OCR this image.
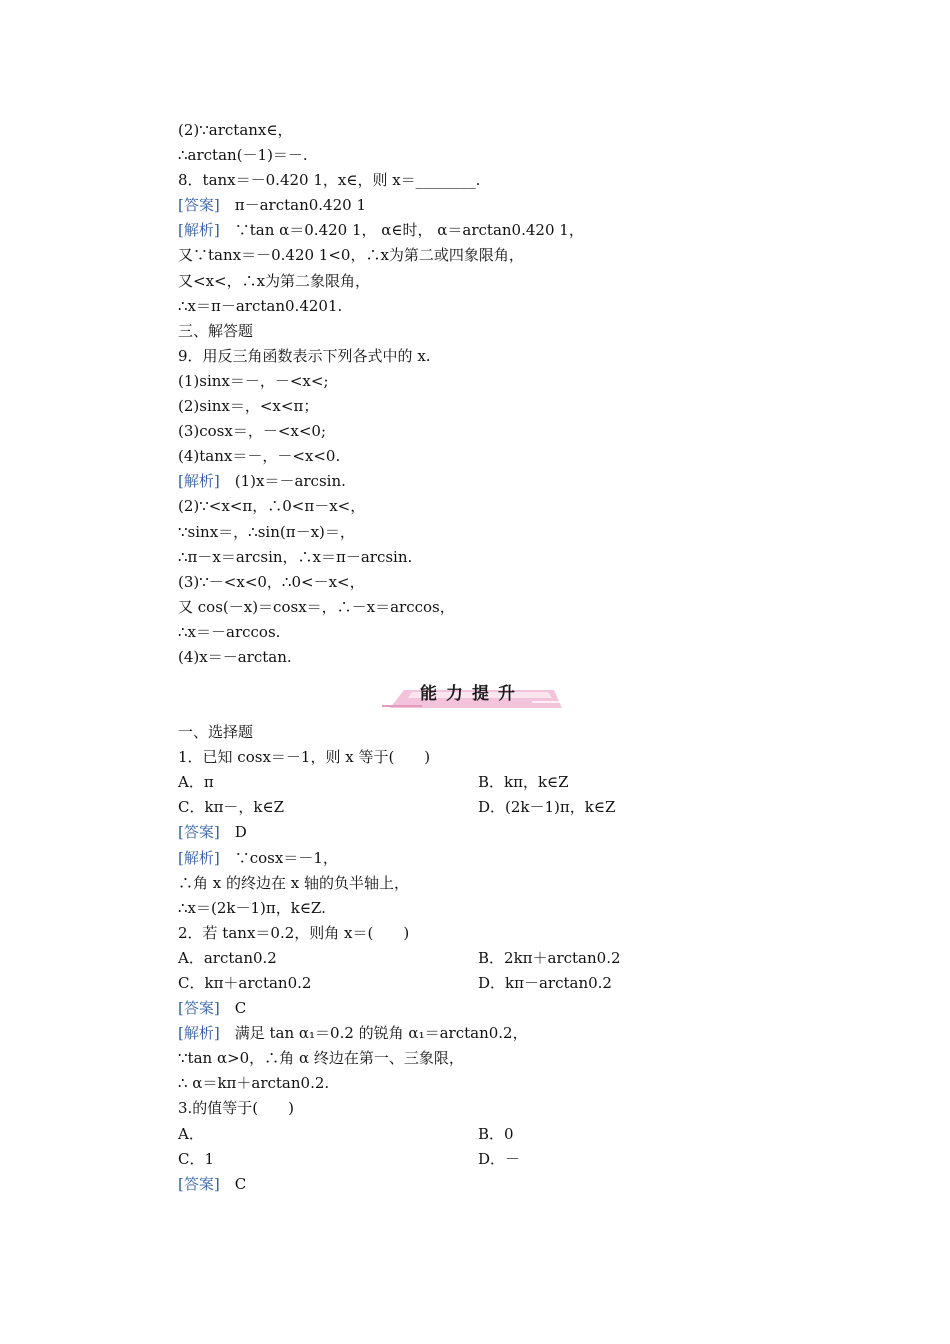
(2)∵arctanx∈，
∴arctan(－1)＝－.
8．tanx＝－0.420 1，x∈，则 x＝________.
[答案]　 π－arctan0.420 1
[解析]　 ∵tan α＝0.420 1， α∈时， α＝arctan0.420 1，
又∵tanx＝－0.420 1<0，∴x为第二或四象限角，
又<x<，∴x为第二象限角，
∴x＝π－arctan0.4201.
三、解答题
9．用反三角函数表示下列各式中的 x.
(1)sinx＝－，－<x<;
(2)sinx＝，<x<π；
(3)cosx＝，－<x<0;
(4)tanx＝－，－<x<0.
[解析]　 (1)x＝－arcsin.
(2)∵<x<π，∴0<π－x<，
∵sinx＝，∴sin(π－x)＝，
∴π－x＝arcsin，∴x＝π－arcsin.
(3)∵－<x<0，∴0<－x<，
又 cos(－x)＝cosx＝，∴－x＝arccos，
∴x＝－arccos.
(4)x＝－arctan.
能力提升
一、选择题
1．已知 cosx＝－1，则 x 等于(　　)
A．π	B．kπ，k∈Z
C．kπ－，k∈Z	D．(2k－1)π，k∈Z
[答案]　 D
[解析]　 ∵cosx＝－1，
∴角 x 的终边在 x 轴的负半轴上，
∴x＝(2k－1)π，k∈Z.
2．若 tanx＝0.2，则角 x＝(　　)
A．arctan0.2	B．2kπ＋arctan0.2
C．kπ＋arctan0.2	D．kπ－arctan0.2
[答案]　 C
[解析]　 满足 tan α₁＝0.2 的锐角 α₁＝arctan0.2，
∵tan α>0，∴角 α 终边在第一、三象限，
∴ α＝kπ＋arctan0.2.
3.的值等于(　　)
A．	B．0
C．1	D．－
[答案]　 C
